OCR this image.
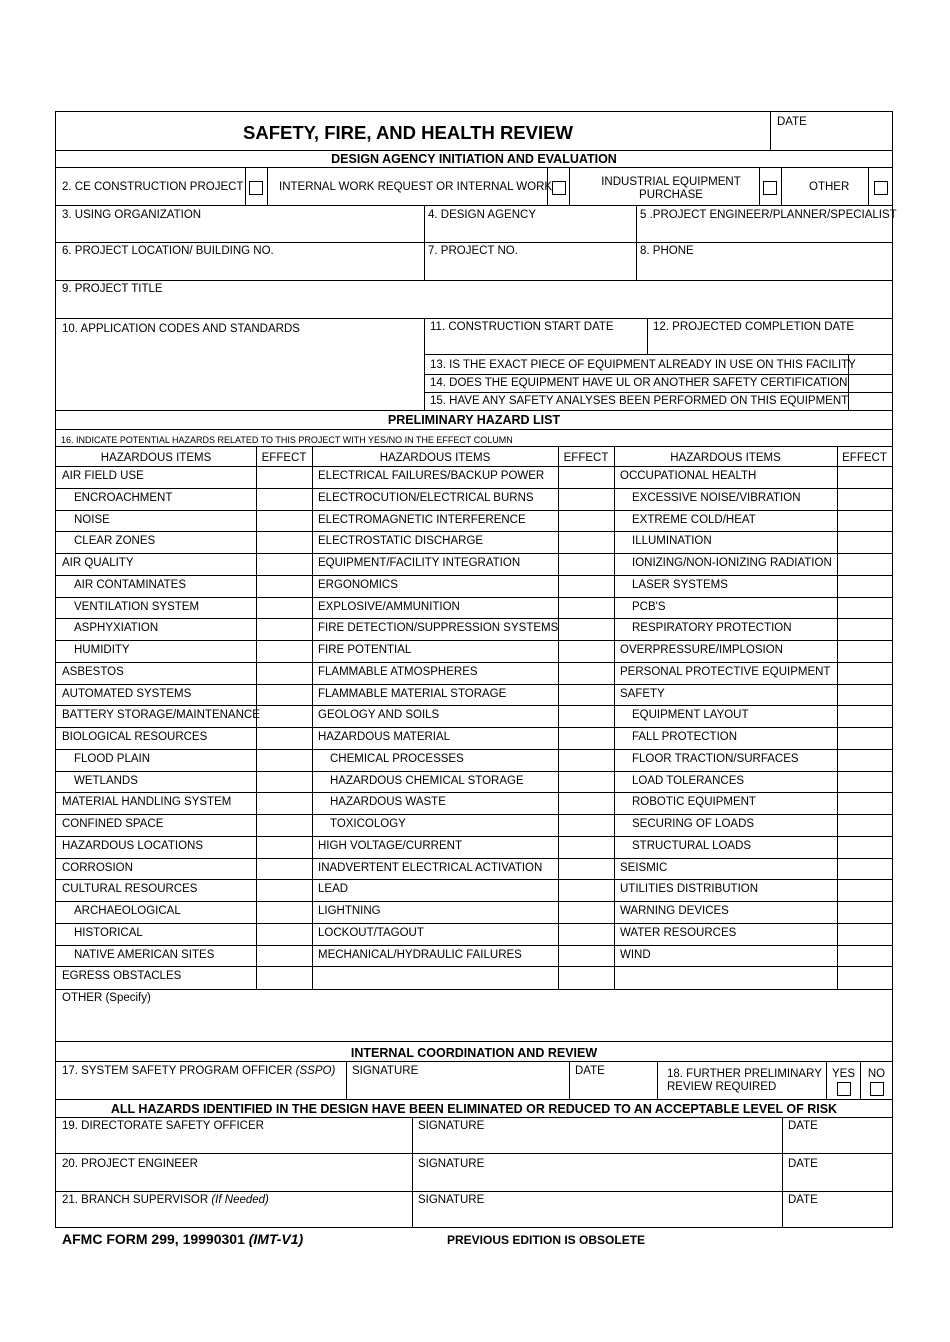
SAFETY, FIRE, AND HEALTH REVIEW	DATE
DESIGN AGENCY INITIATION AND EVALUATION
2. CE CONSTRUCTION PROJECT	INTERNAL WORK REQUEST OR INTERNAL WORK	INDUSTRIAL EQUIPMENT
PURCHASE
OTHER
3. USING ORGANIZATION	4. DESIGN AGENCY	5 .PROJECT ENGINEER/PLANNER/SPECIALIST
6. PROJECT LOCATION/ BUILDING NO.	7. PROJECT NO.	8. PHONE
9. PROJECT TITLE
10. APPLICATION CODES AND STANDARDS	11. CONSTRUCTION START DATE	12. PROJECTED COMPLETION DATE
13. IS THE EXACT PIECE OF EQUIPMENT ALREADY IN USE ON THIS FACILITY
14. DOES THE EQUIPMENT HAVE UL OR ANOTHER SAFETY CERTIFICATION
15. HAVE ANY SAFETY ANALYSES BEEN PERFORMED ON THIS EQUIPMENT
PRELIMINARY HAZARD LIST
16. INDICATE POTENTIAL HAZARDS RELATED TO THIS PROJECT WITH YES/NO IN THE EFFECT COLUMN
HAZARDOUS ITEMS	EFFECT	HAZARDOUS ITEMS	EFFECT	HAZARDOUS ITEMS	EFFECT
AIR FIELD USE	ELECTRICAL FAILURES/BACKUP POWER	OCCUPATIONAL HEALTH
ENCROACHMENT	ELECTROCUTION/ELECTRICAL BURNS	EXCESSIVE NOISE/VIBRATION
NOISE	ELECTROMAGNETIC INTERFERENCE	EXTREME COLD/HEAT
CLEAR ZONES	ELECTROSTATIC DISCHARGE	ILLUMINATION
AIR QUALITY	EQUIPMENT/FACILITY INTEGRATION	IONIZING/NON-IONIZING RADIATION
AIR CONTAMINATES	ERGONOMICS	LASER SYSTEMS
VENTILATION SYSTEM	EXPLOSIVE/AMMUNITION	PCB'S
ASPHYXIATION	FIRE DETECTION/SUPPRESSION SYSTEMS	RESPIRATORY PROTECTION
HUMIDITY	FIRE POTENTIAL	OVERPRESSURE/IMPLOSION
ASBESTOS	FLAMMABLE ATMOSPHERES	PERSONAL PROTECTIVE EQUIPMENT
AUTOMATED SYSTEMS	FLAMMABLE MATERIAL STORAGE	SAFETY
BATTERY STORAGE/MAINTENANCE	GEOLOGY AND SOILS	EQUIPMENT LAYOUT
BIOLOGICAL RESOURCES	HAZARDOUS MATERIAL	FALL PROTECTION
FLOOD PLAIN	CHEMICAL PROCESSES	FLOOR TRACTION/SURFACES
WETLANDS	HAZARDOUS CHEMICAL STORAGE	LOAD TOLERANCES
MATERIAL HANDLING SYSTEM	HAZARDOUS WASTE	ROBOTIC EQUIPMENT
CONFINED SPACE	TOXICOLOGY	SECURING OF LOADS
HAZARDOUS LOCATIONS	HIGH VOLTAGE/CURRENT	STRUCTURAL LOADS
CORROSION	INADVERTENT ELECTRICAL ACTIVATION	SEISMIC
CULTURAL RESOURCES	LEAD	UTILITIES DISTRIBUTION
ARCHAEOLOGICAL	LIGHTNING	WARNING DEVICES
HISTORICAL	LOCKOUT/TAGOUT	WATER RESOURCES
NATIVE AMERICAN SITES	MECHANICAL/HYDRAULIC FAILURES	WIND
EGRESS OBSTACLES
OTHER (Specify)
INTERNAL COORDINATION AND REVIEW
17. SYSTEM SAFETY PROGRAM OFFICER (SSPO) SIGNATURE	DATE	18. FURTHER PRELIMINARY
REVIEW REQUIRED
YES	NO
ALL HAZARDS IDENTIFIED IN THE DESIGN HAVE BEEN ELIMINATED OR REDUCED TO AN ACCEPTABLE LEVEL OF RISK
19. DIRECTORATE SAFETY OFFICER	SIGNATURE	DATE
20. PROJECT ENGINEER	SIGNATURE	DATE
21. BRANCH SUPERVISOR (If Needed)	SIGNATURE	DATE
AFMC FORM 299, 19990301 (IMT-V1)	PREVIOUS EDITION IS OBSOLETE
